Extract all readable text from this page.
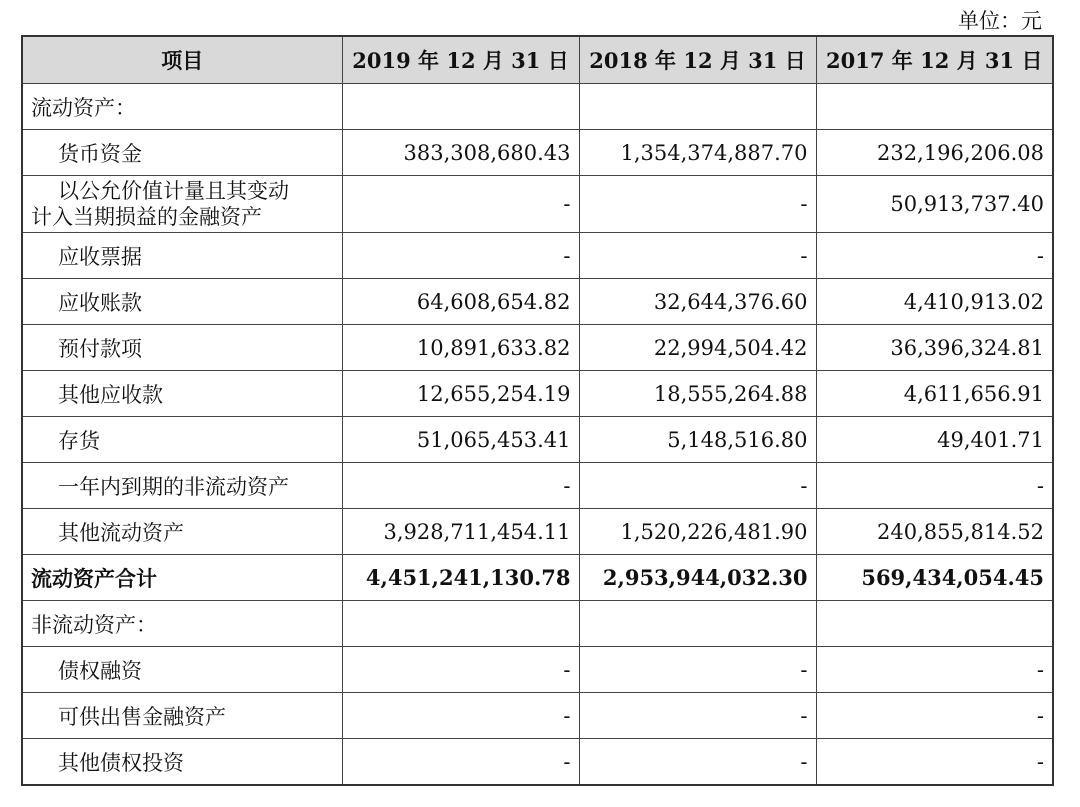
单位：元
项目	2019 年 12 月 31 日	2018 年 12 月 31 日	2017 年 12 月 31 日
流动资产：			
货币资金	383,308,680.43	1,354,374,887.70	232,196,206.08

以公允价值计量且其变动
计入当期损益的金融资产	-	-	50,913,737.40
应收票据	-	-	-
应收账款	64,608,654.82	32,644,376.60	4,410,913.02
预付款项	10,891,633.82	22,994,504.42	36,396,324.81
其他应收款	12,655,254.19	18,555,264.88	4,611,656.91
存货	51,065,453.41	5,148,516.80	49,401.71
一年内到期的非流动资产	-	-	-
其他流动资产	3,928,711,454.11	1,520,226,481.90	240,855,814.52
流动资产合计	4,451,241,130.78	2,953,944,032.30	569,434,054.45
非流动资产：			
债权融资	-	-	-
可供出售金融资产	-	-	-
其他债权投资	-	-	-
